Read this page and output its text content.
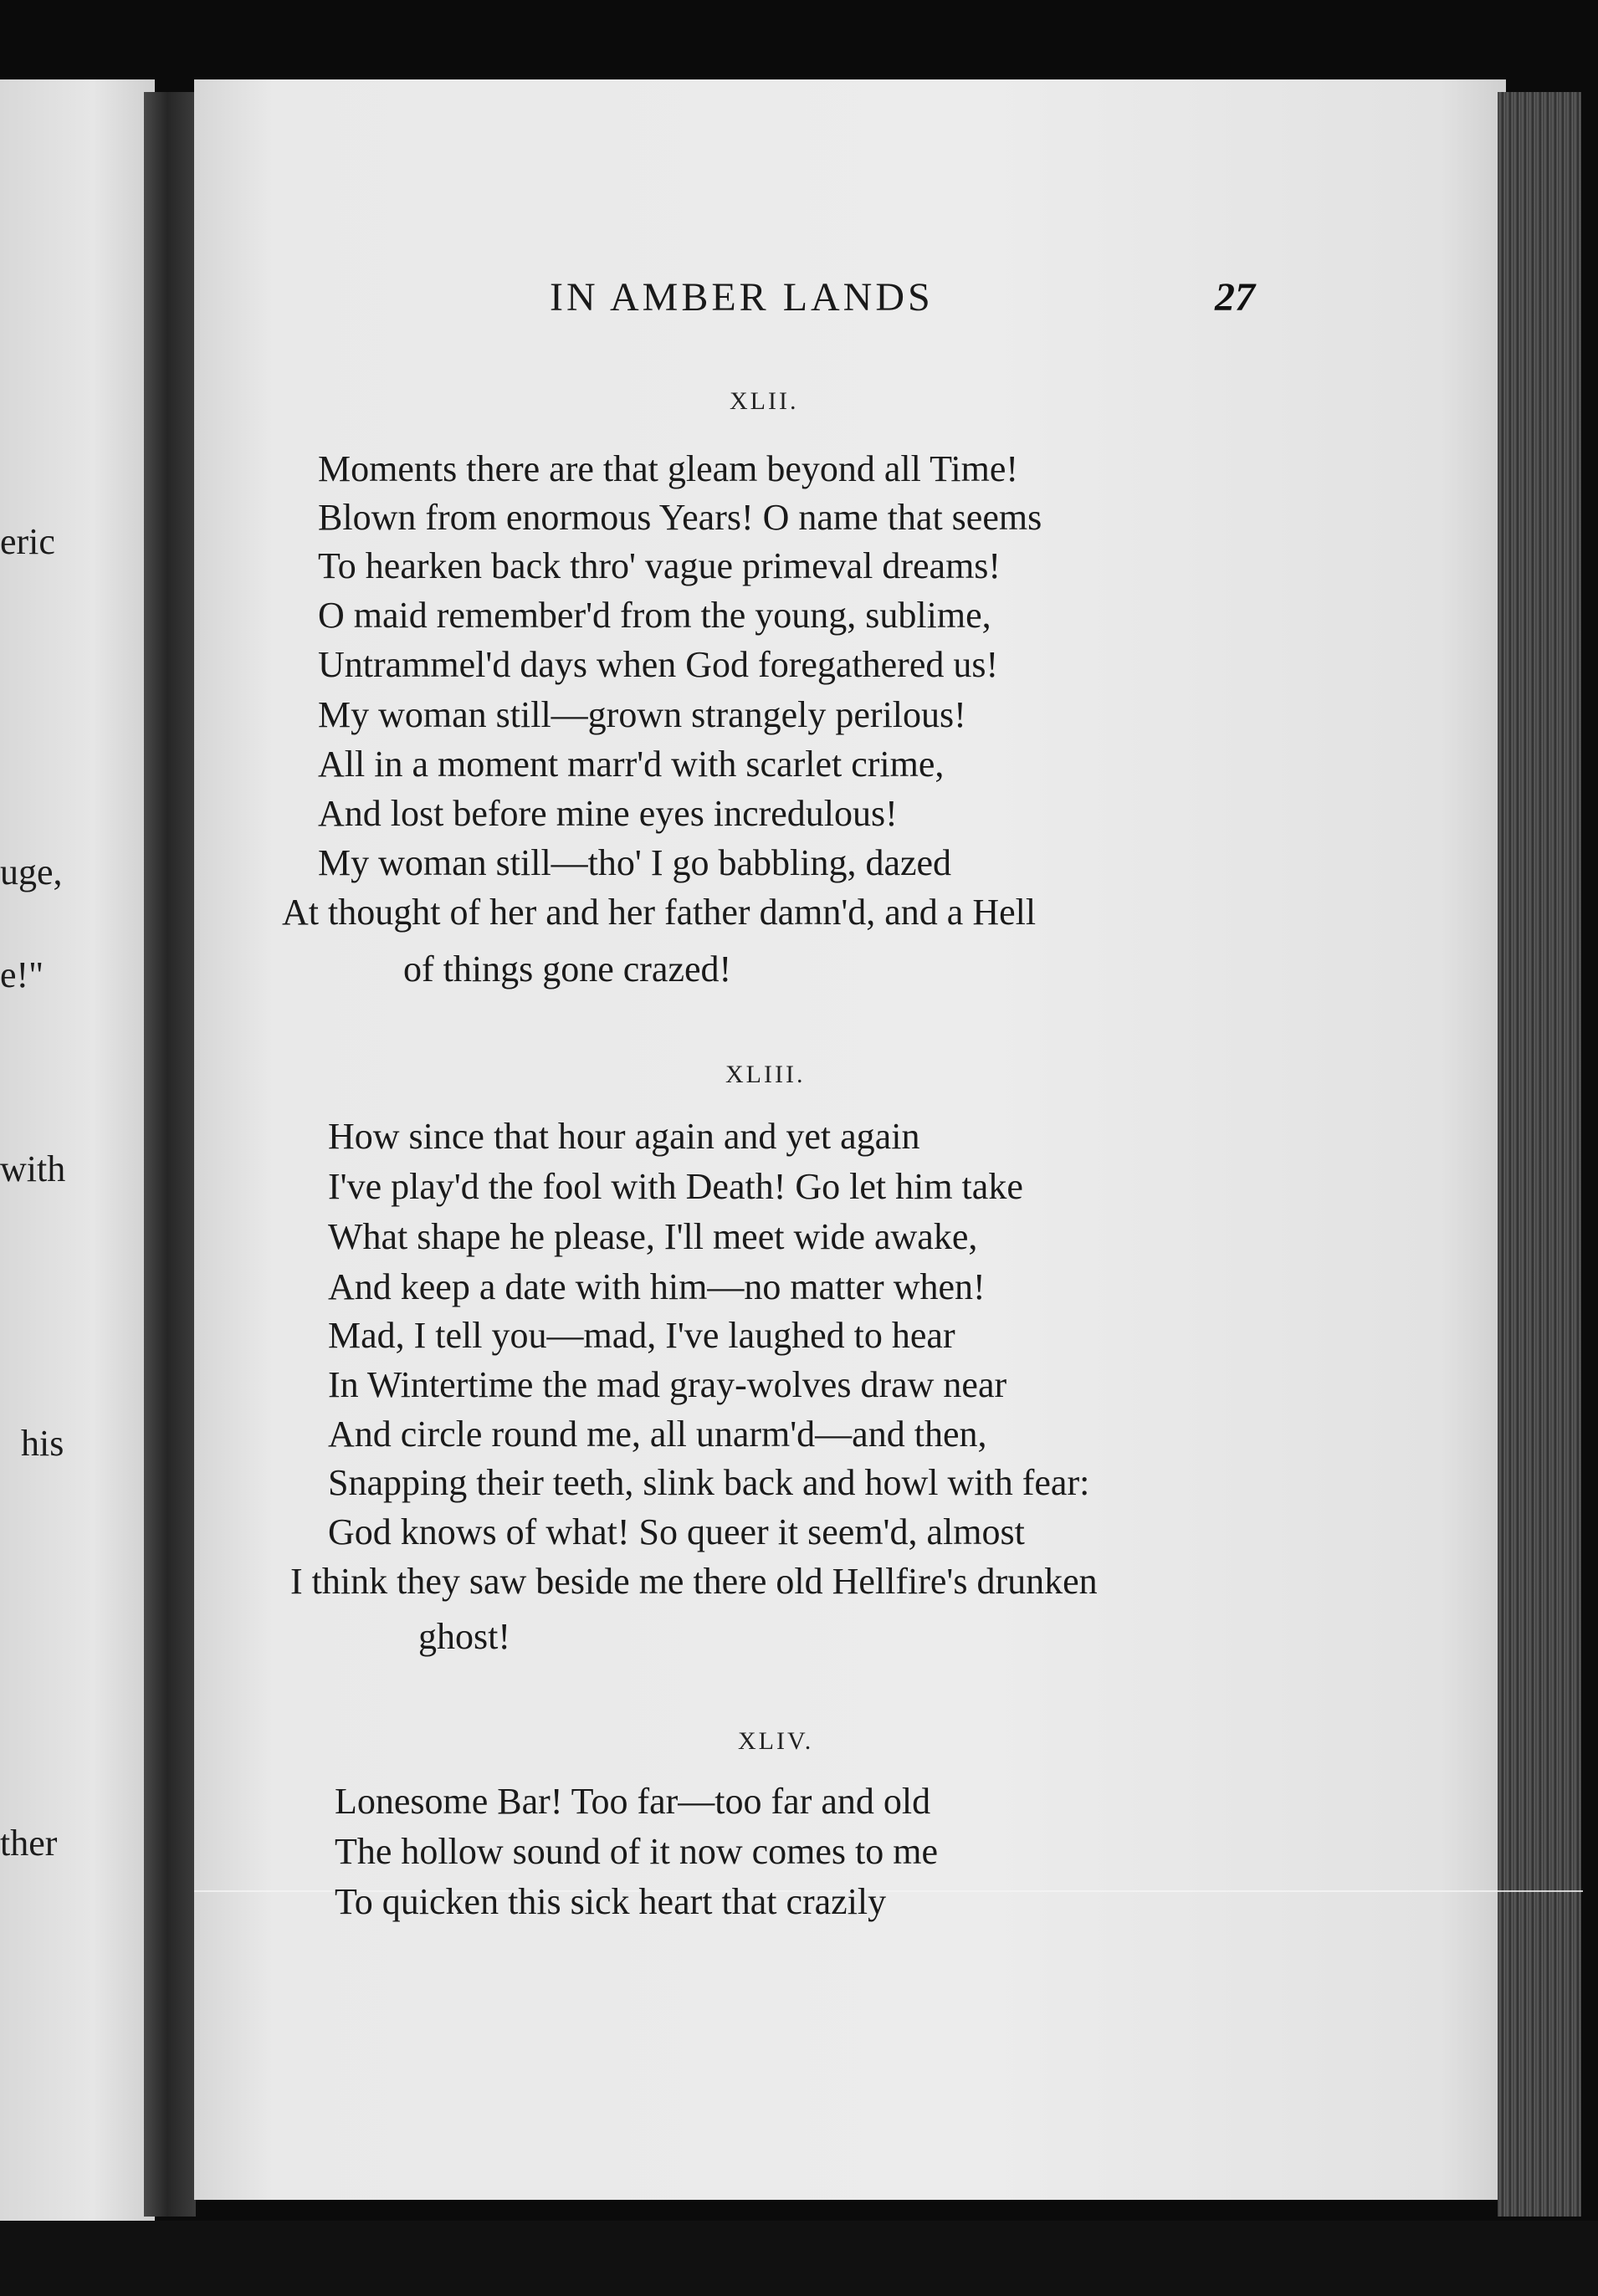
eric
uge,
e!"
with
his
ther
IN AMBER LANDS	27
XLII.
Moments there are that gleam beyond all Time!
Blown from enormous Years! O name that seems
To hearken back thro' vague primeval dreams!
O maid remember'd from the young, sublime,
Untrammel'd days when God foregathered us!
My woman still—grown strangely perilous!
All in a moment marr'd with scarlet crime,
And lost before mine eyes incredulous!
My woman still—tho' I go babbling, dazed
At thought of her and her father damn'd, and a Hell
of things gone crazed!
XLIII.
How since that hour again and yet again
I've play'd the fool with Death! Go let him take
What shape he please, I'll meet wide awake,
And keep a date with him—no matter when!
Mad, I tell you—mad, I've laughed to hear
In Wintertime the mad gray-wolves draw near
And circle round me, all unarm'd—and then,
Snapping their teeth, slink back and howl with fear:
God knows of what! So queer it seem'd, almost
I think they saw beside me there old Hellfire's drunken
ghost!
XLIV.
Lonesome Bar! Too far—too far and old
The hollow sound of it now comes to me
To quicken this sick heart that crazily
